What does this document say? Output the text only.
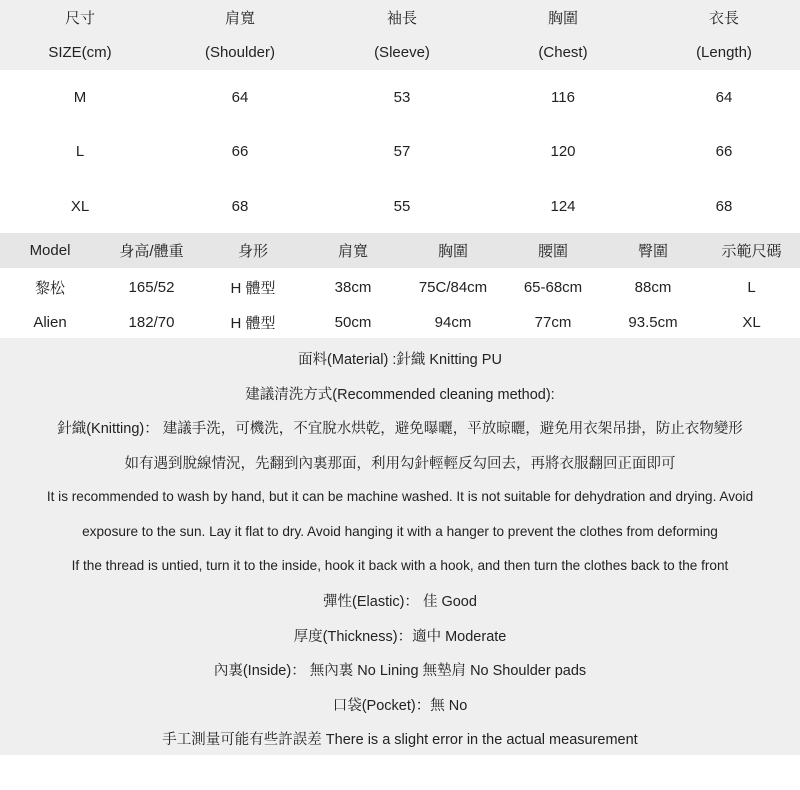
尺寸	肩寬	袖長	胸圍	衣長
SIZE(cm)	(Shoulder)	(Sleeve)	(Chest)	(Length)
M	64	53	116	64
L	66	57	120	66
XL	68	55	124	68
Model	身高/體重	身形	肩寬	胸圍	腰圍	臀圍	示範尺碼
黎松	165/52	H 體型	38cm	75C/84cm	65-68cm	88cm	L
Alien	182/70	H 體型	50cm	94cm	77cm	93.5cm	XL
面料(Material) :針織 Knitting PU
建議清洗方式(Recommended cleaning method):
針織(Knitting)： 建議手洗，可機洗，不宜脫水烘乾，避免曝曬，平放晾曬，避免用衣架吊掛，防止衣物變形
如有遇到脫線情況，先翻到內裏那面，利用勾針輕輕反勾回去，再將衣服翻回正面即可
It is recommended to wash by hand, but it can be machine washed. It is not suitable for dehydration and drying. Avoid
exposure to the sun. Lay it flat to dry. Avoid hanging it with a hanger to prevent the clothes from deforming
If the thread is untied, turn it to the inside, hook it back with a hook, and then turn the clothes back to the front
彈性(Elastic)： 佳 Good
厚度(Thickness)：適中 Moderate
內裏(Inside)： 無內裏 No Lining 無墊肩 No Shoulder pads
口袋(Pocket)：無 No
手工測量可能有些許誤差 There is a slight error in the actual measurement
